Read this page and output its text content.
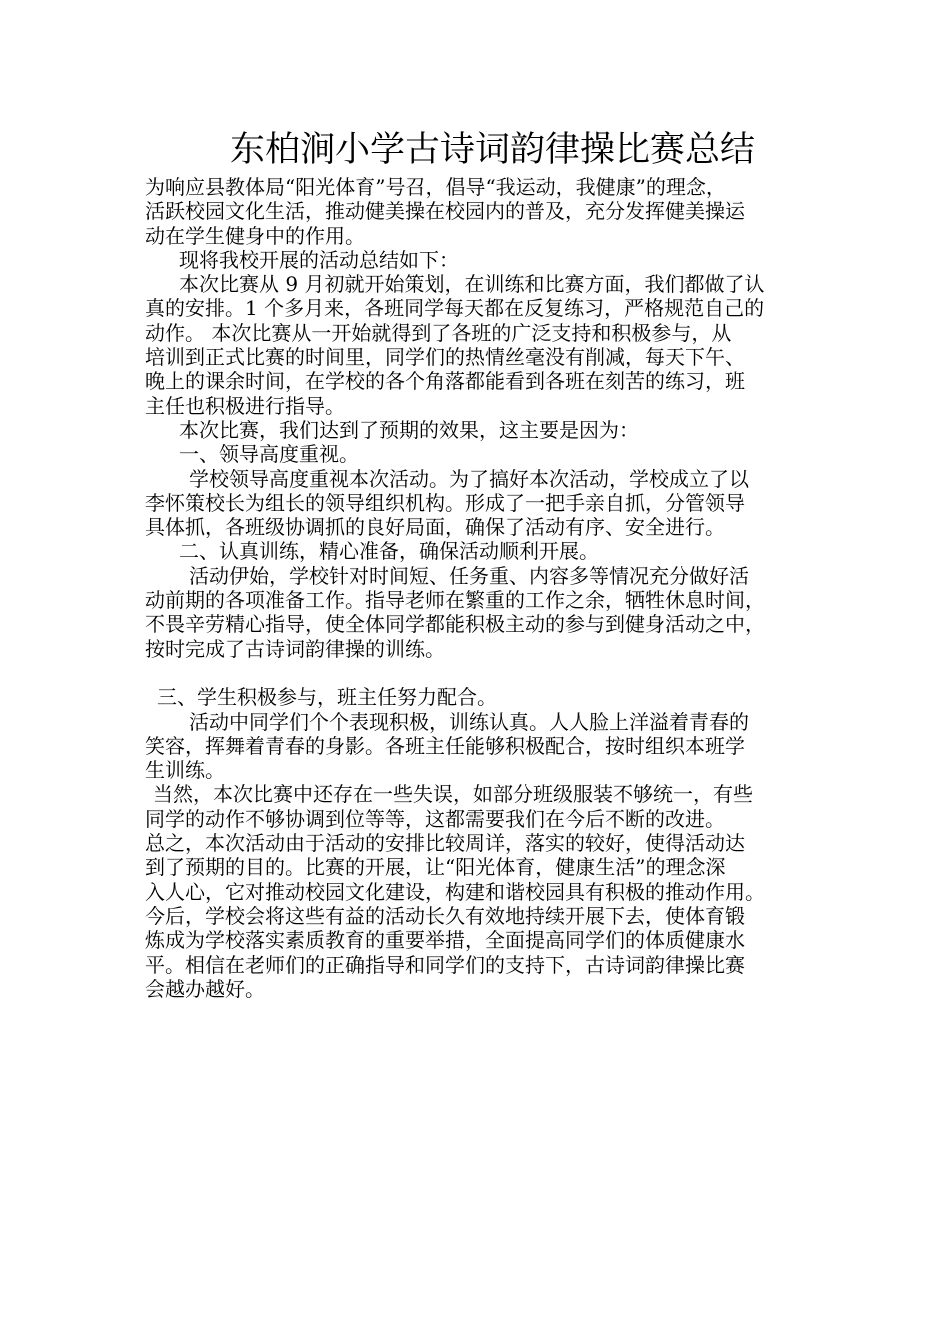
东柏涧小学古诗词韵律操比赛总结
为响应县教体局“阳光体育”号召，倡导“我运动，我健康”的理念，
活跃校园文化生活，推动健美操在校园内的普及，充分发挥健美操运
动在学生健身中的作用。
现将我校开展的活动总结如下：
本次比赛从 9 月初就开始策划，在训练和比赛方面，我们都做了认
真的安排。1 个多月来，各班同学每天都在反复练习，严格规范自己的
动作。 本次比赛从一开始就得到了各班的广泛支持和积极参与，从
培训到正式比赛的时间里，同学们的热情丝毫没有削减，每天下午、
晚上的课余时间，在学校的各个角落都能看到各班在刻苦的练习，班
主任也积极进行指导。
本次比赛，我们达到了预期的效果，这主要是因为：
一、领导高度重视。
学校领导高度重视本次活动。为了搞好本次活动，学校成立了以
李怀策校长为组长的领导组织机构。形成了一把手亲自抓，分管领导
具体抓，各班级协调抓的良好局面，确保了活动有序、安全进行。
二、认真训练，精心准备，确保活动顺利开展。
活动伊始，学校针对时间短、任务重、内容多等情况充分做好活
动前期的各项准备工作。指导老师在繁重的工作之余，牺牲休息时间，
不畏辛劳精心指导，使全体同学都能积极主动的参与到健身活动之中，
按时完成了古诗词韵律操的训练。
三、学生积极参与，班主任努力配合。
活动中同学们个个表现积极，训练认真。人人脸上洋溢着青春的
笑容，挥舞着青春的身影。各班主任能够积极配合，按时组织本班学
生训练。
当然，本次比赛中还存在一些失误，如部分班级服装不够统一，有些
同学的动作不够协调到位等等，这都需要我们在今后不断的改进。
总之，本次活动由于活动的安排比较周详，落实的较好，使得活动达
到了预期的目的。比赛的开展，让“阳光体育，健康生活”的理念深
入人心，它对推动校园文化建设，构建和谐校园具有积极的推动作用。
今后，学校会将这些有益的活动长久有效地持续开展下去，使体育锻
炼成为学校落实素质教育的重要举措，全面提高同学们的体质健康水
平。相信在老师们的正确指导和同学们的支持下，古诗词韵律操比赛
会越办越好。
